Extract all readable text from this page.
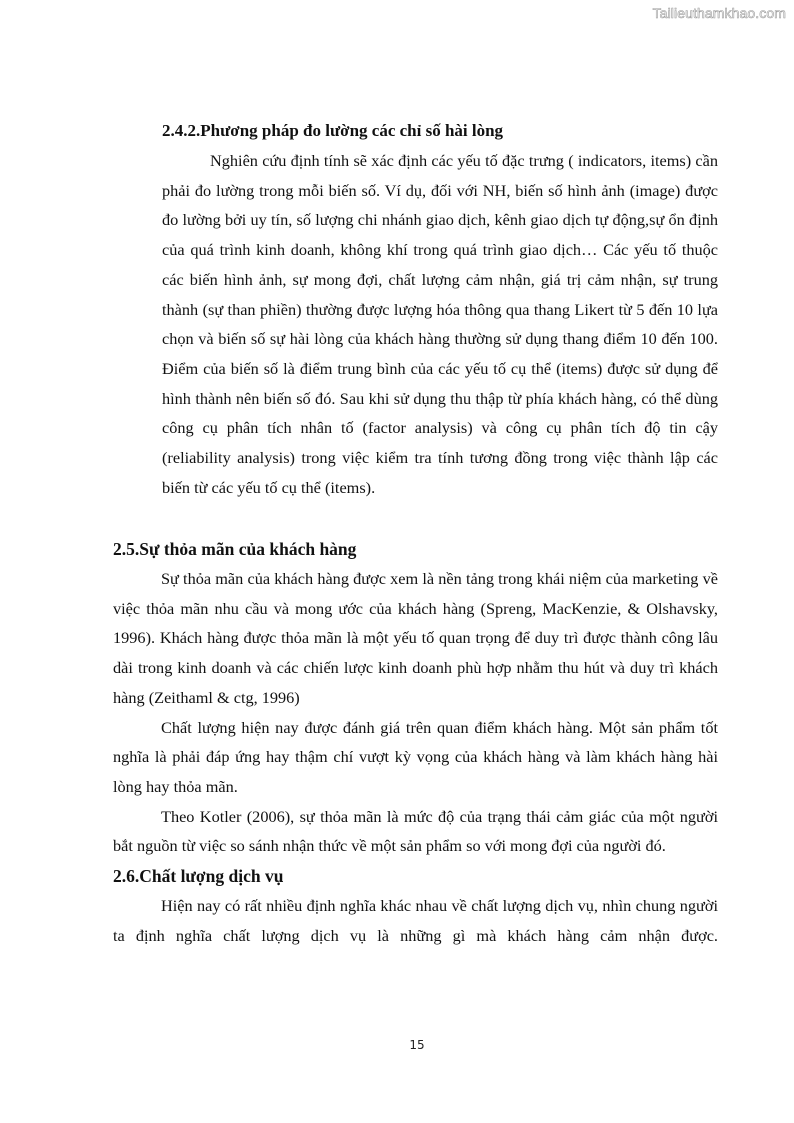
Tailieuthamkhao.com
2.4.2.Phương pháp đo lường các chỉ số hài lòng

Nghiên cứu định tính sẽ xác định các yếu tố đặc trưng ( indicators, items) cần phải đo lường trong mỗi biến số. Ví dụ, đối với NH, biến số hình ảnh (image) được đo lường bởi uy tín, số lượng chi nhánh giao dịch, kênh giao dịch tự động,sự ổn định của quá trình kinh doanh, không khí trong quá trình giao dịch… Các yếu tố thuộc các biến hình ảnh, sự mong đợi, chất lượng cảm nhận, giá trị cảm nhận, sự trung thành (sự than phiền) thường được lượng hóa thông qua thang Likert từ 5 đến 10 lựa chọn và biến số sự hài lòng của khách hàng thường sử dụng thang điểm 10 đến 100. Điểm của biến số là điểm trung bình của các yếu tố cụ thể (items) được sử dụng để hình thành nên biến số đó. Sau khi sử dụng thu thập từ phía khách hàng, có thể dùng công cụ phân tích nhân tố (factor analysis) và công cụ phân tích độ tin cậy (reliability analysis) trong việc kiểm tra tính tương đồng trong việc thành lập các biến từ các yếu tố cụ thể (items).

2.5.Sự thỏa mãn của khách hàng

Sự thỏa mãn của khách hàng được xem là nền tảng trong khái niệm của marketing về việc thỏa mãn nhu cầu và mong ước của khách hàng (Spreng, MacKenzie, & Olshavsky, 1996). Khách hàng được thỏa mãn là một yếu tố quan trọng để duy trì được thành công lâu dài trong kinh doanh và các chiến lược kinh doanh phù hợp nhằm thu hút và duy trì khách hàng (Zeithaml & ctg, 1996)

Chất lượng hiện nay được đánh giá trên quan điểm khách hàng. Một sản phẩm tốt nghĩa là phải đáp ứng hay thậm chí vượt kỳ vọng của khách hàng và làm khách hàng hài lòng hay thỏa mãn.

Theo Kotler (2006), sự thỏa mãn là mức độ của trạng thái cảm giác của một người bắt nguồn từ việc so sánh nhận thức về một sản phẩm so với mong đợi của người đó.

2.6.Chất lượng dịch vụ

Hiện nay có rất nhiều định nghĩa khác nhau về chất lượng dịch vụ, nhìn chung người ta định nghĩa chất lượng dịch vụ là những gì mà khách hàng cảm nhận được.

15
